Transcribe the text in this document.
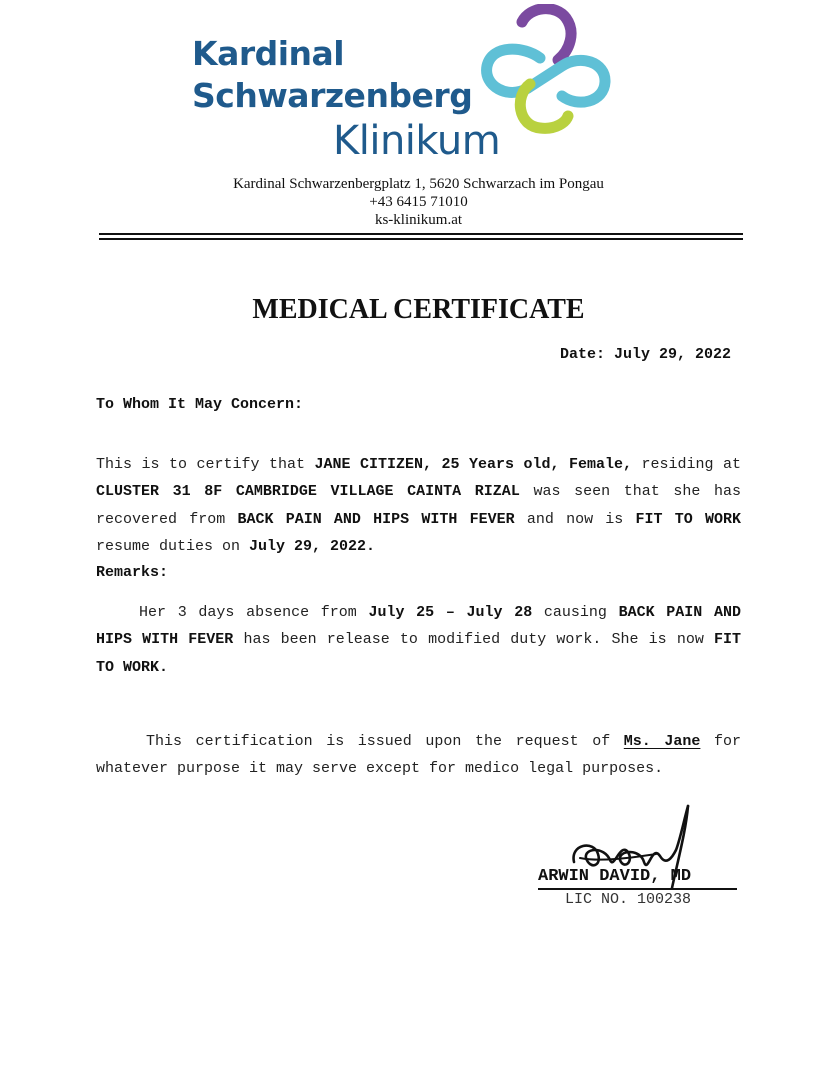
Kardinal
Schwarzenberg
Klinikum
Kardinal Schwarzenbergplatz 1, 5620 Schwarzach im Pongau
+43 6415 71010
ks-klinikum.at
MEDICAL CERTIFICATE
Date: July 29, 2022
To Whom It May Concern:
This is to certify that JANE CITIZEN, 25 Years old, Female, residing at CLUSTER 31 8F CAMBRIDGE VILLAGE CAINTA RIZAL was seen that she has recovered from BACK PAIN AND HIPS WITH FEVER and now is FIT TO WORK resume duties on July 29, 2022.
Remarks:
Her 3 days absence from July 25 – July 28 causing BACK PAIN AND HIPS WITH FEVER has been release to modified duty work. She is now FIT TO WORK.
This certification is issued upon the request of Ms. Jane for whatever purpose it may serve except for medico legal purposes.
ARWIN DAVID, MD
LIC NO. 100238
